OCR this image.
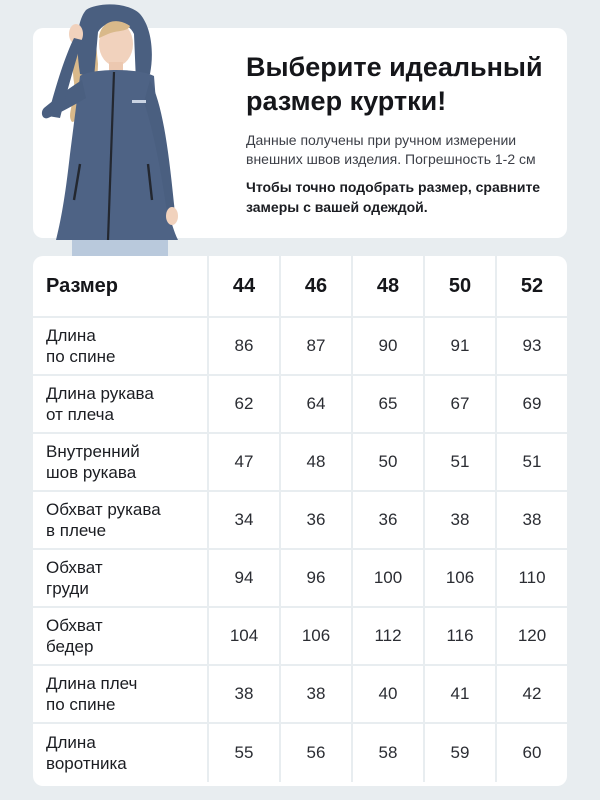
Выберите идеальный размер куртки!

Данные получены при ручном измерении внешних швов изделия. Погрешность 1-2 см

Чтобы точно подобрать размер, сравните замеры с вашей одеждой.

Размер	44	46	48	50	52
Длина
по спине
86	87	90	91	93
Длина рукава
от плеча
62	64	65	67	69
Внутренний
шов рукава
47	48	50	51	51
Обхват рукава
в плече
34	36	36	38	38
Обхват
груди
94	96	100	106	110
Обхват
бедер
104	106	112	116	120
Длина плеч
по спине
38	38	40	41	42
Длина
воротника
55	56	58	59	60
